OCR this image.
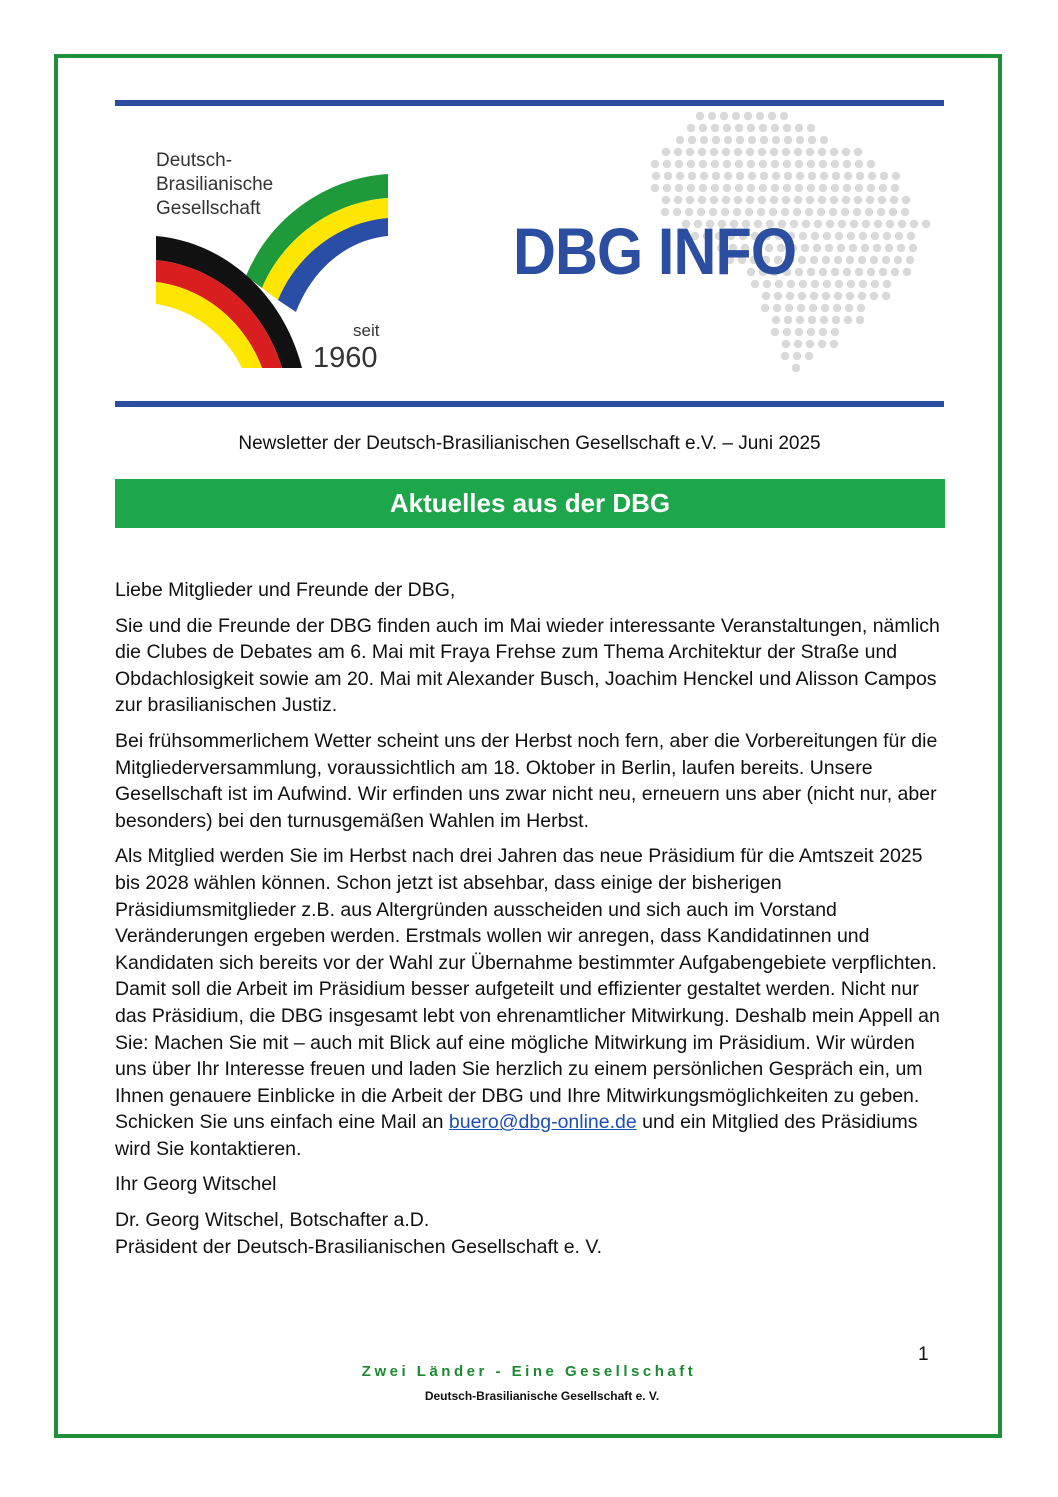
Deutsch-
Brasilianische
Gesellschaft
seit
1960
DBG INFO
Newsletter der Deutsch-Brasilianischen Gesellschaft e.V. – Juni 2025
Aktuelles aus der DBG

Liebe Mitglieder und Freunde der DBG,

Sie und die Freunde der DBG finden auch im Mai wieder interessante Veranstaltungen, nämlich die Clubes de Debates am 6. Mai mit Fraya Frehse zum Thema Architektur der Straße und Obdachlosigkeit sowie am 20. Mai mit Alexander Busch, Joachim Henckel und Alisson Campos zur brasilianischen Justiz.

Bei frühsommerlichem Wetter scheint uns der Herbst noch fern, aber die Vorbereitungen für die Mitgliederversammlung, voraussichtlich am 18. Oktober in Berlin, laufen bereits. Unsere Gesellschaft ist im Aufwind. Wir erfinden uns zwar nicht neu, erneuern uns aber (nicht nur, aber besonders) bei den turnusgemäßen Wahlen im Herbst.

Als Mitglied werden Sie im Herbst nach drei Jahren das neue Präsidium für die Amtszeit 2025 bis 2028 wählen können. Schon jetzt ist absehbar, dass einige der bisherigen Präsidiumsmitglieder z.B. aus Altergründen ausscheiden und sich auch im Vorstand Veränderungen ergeben werden. Erstmals wollen wir anregen, dass Kandidatinnen und Kandidaten sich bereits vor der Wahl zur Übernahme bestimmter Aufgabengebiete verpflichten. Damit soll die Arbeit im Präsidium besser aufgeteilt und effizienter gestaltet werden. Nicht nur das Präsidium, die DBG insgesamt lebt von ehrenamtlicher Mitwirkung. Deshalb mein Appell an Sie: Machen Sie mit – auch mit Blick auf eine mögliche Mitwirkung im Präsidium. Wir würden uns über Ihr Interesse freuen und laden Sie herzlich zu einem persönlichen Gespräch ein, um Ihnen genauere Einblicke in die Arbeit der DBG und Ihre Mitwirkungsmöglichkeiten zu geben. Schicken Sie uns einfach eine Mail an buero@dbg-online.de und ein Mitglied des Präsidiums wird Sie kontaktieren.

Ihr Georg Witschel

Dr. Georg Witschel, Botschafter a.D.
Präsident der Deutsch-Brasilianischen Gesellschaft e. V.

1
Zwei Länder - Eine Gesellschaft
Deutsch-Brasilianische Gesellschaft e. V.
